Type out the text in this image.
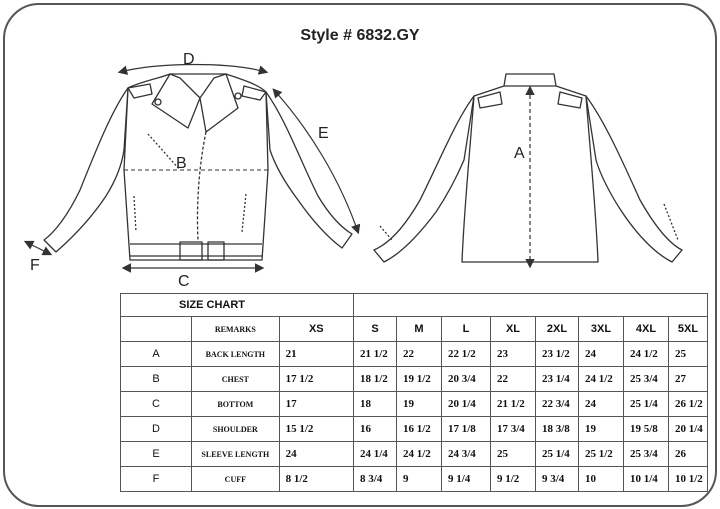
Style # 6832.GY
D
E
B
C
F
A
SIZE CHART										
	REMARKS	XS	S	M	L	XL	2XL	3XL	4XL	5XL
A	BACK LENGTH	21	21 1/2	22	22 1/2	23	23 1/2	24	24 1/2	25
B	CHEST	17 1/2	18 1/2	19 1/2	20 3/4	22	23 1/4	24 1/2	25 3/4	27
C	BOTTOM	17	18	19	20 1/4	21 1/2	22 3/4	24	25 1/4	26 1/2
D	SHOULDER	15 1/2	16	16 1/2	17 1/8	17 3/4	18 3/8	19	19 5/8	20 1/4
E	SLEEVE LENGTH	24	24 1/4	24 1/2	24 3/4	25	25 1/4	25 1/2	25 3/4	26
F	CUFF	8 1/2	8 3/4	9	9 1/4	9 1/2	9 3/4	10	10 1/4	10 1/2
